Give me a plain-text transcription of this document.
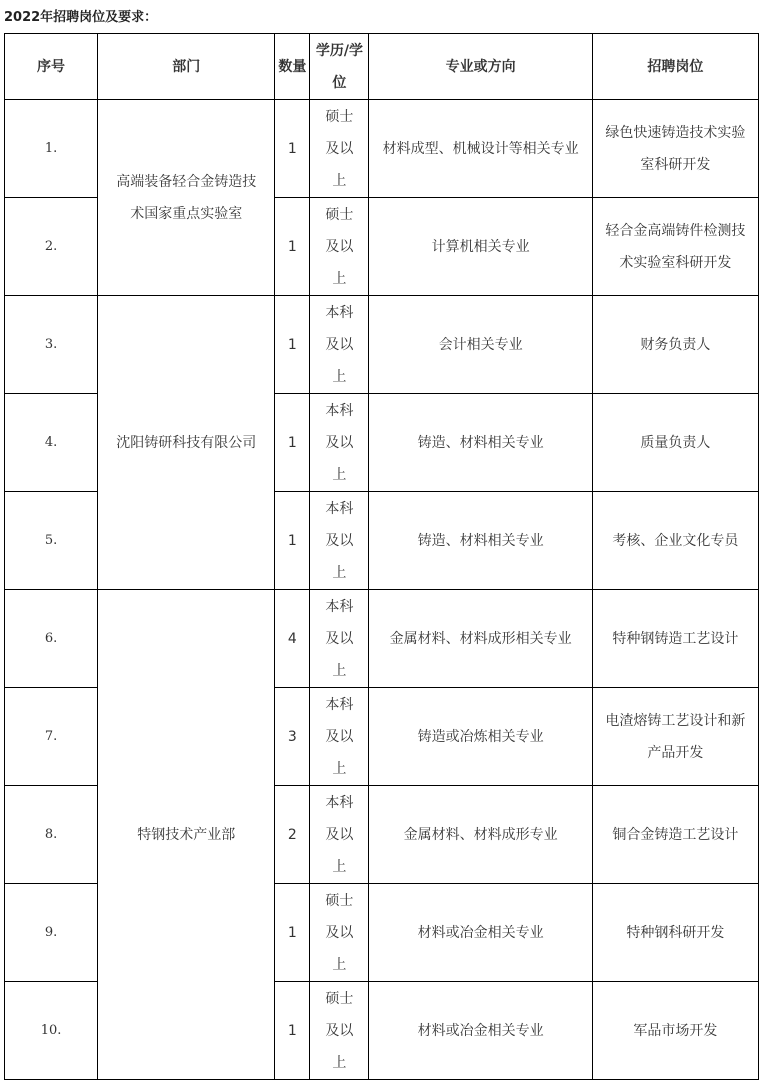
2022年招聘岗位及要求：
序号	部门	数量	学历/学位	专业或方向	招聘岗位
1.	高端装备轻合金铸造技术国家重点实验室	1	硕士及以上	材料成型、机械设计等相关专业	绿色快速铸造技术实验室科研开发
2.		1	硕士及以上	计算机相关专业	轻合金高端铸件检测技术实验室科研开发
3.	沈阳铸研科技有限公司	1	本科及以上	会计相关专业	财务负责人
4.		1	本科及以上	铸造、材料相关专业	质量负责人
5.		1	本科及以上	铸造、材料相关专业	考核、企业文化专员
6.	特钢技术产业部	4	本科及以上	金属材料、材料成形相关专业	特种钢铸造工艺设计
7.		3	本科及以上	铸造或冶炼相关专业	电渣熔铸工艺设计和新产品开发
8.		2	本科及以上	金属材料、材料成形专业	铜合金铸造工艺设计
9.		1	硕士及以上	材料或冶金相关专业	特种钢科研开发
10.		1	硕士及以上	材料或冶金相关专业	军品市场开发
